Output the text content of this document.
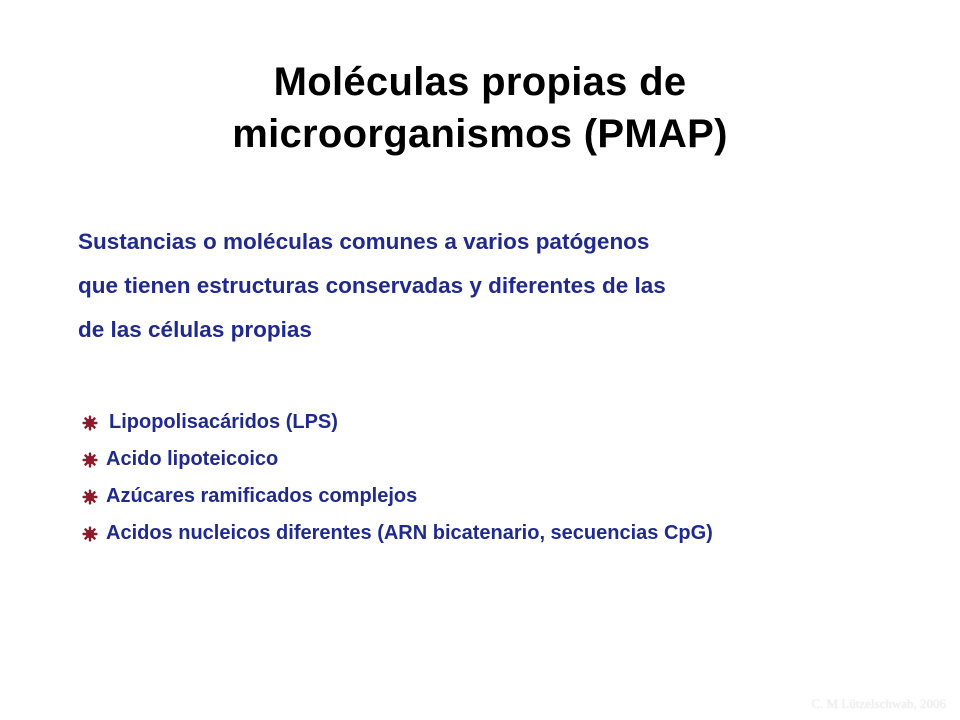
Moléculas propias de
microorganismos (PMAP)
Sustancias o moléculas comunes a varios patógenos
que tienen estructuras conservadas y diferentes de las
de las células propias
Lipopolisacáridos (LPS)
Acido lipoteicoico
Azúcares ramificados complejos
Acidos nucleicos diferentes (ARN bicatenario, secuencias CpG)
C. M Lützelschwab, 2006
